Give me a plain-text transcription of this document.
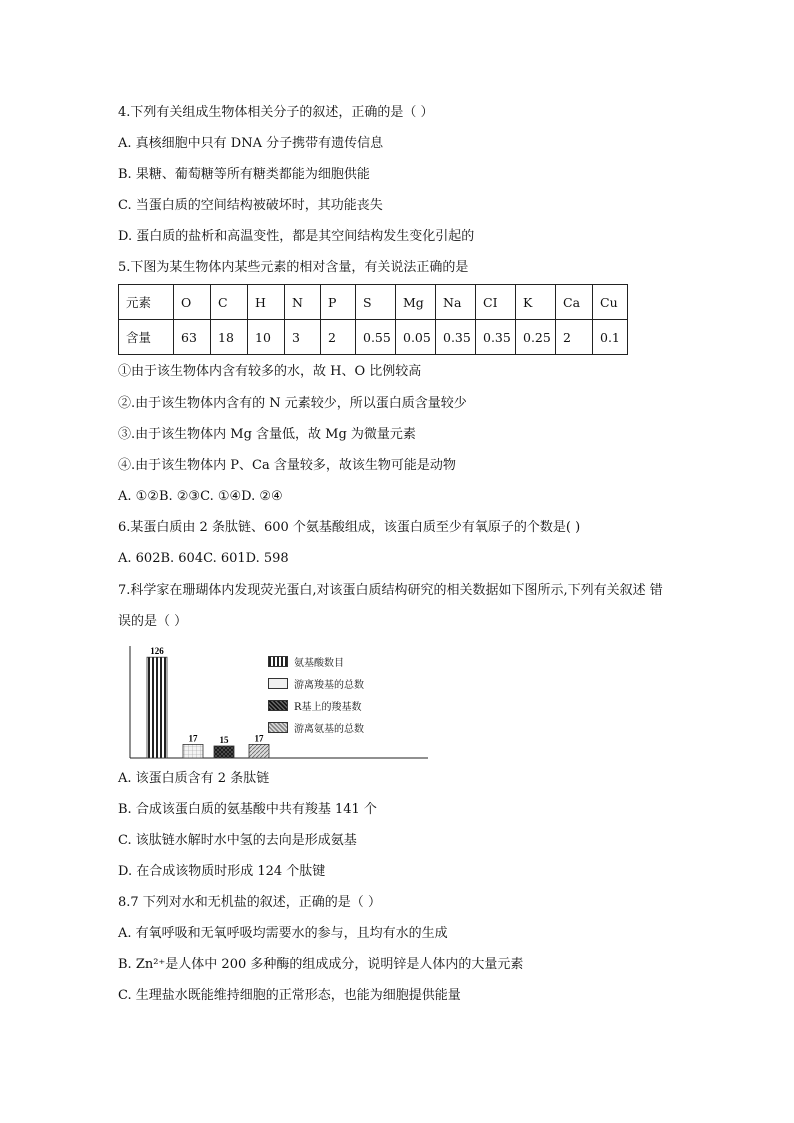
4.下列有关组成生物体相关分子的叙述，正确的是（ ）
A. 真核细胞中只有 DNA 分子携带有遗传信息
B. 果糖、葡萄糖等所有糖类都能为细胞供能
C. 当蛋白质的空间结构被破坏时，其功能丧失
D. 蛋白质的盐析和高温变性，都是其空间结构发生变化引起的
5.下图为某生物体内某些元素的相对含量，有关说法正确的是
元素	O	C	H	N	P	S	Mg	Na	CI	K	Ca	Cu
含量	63	18	10	3	2	0.55	0.05	0.35	0.35	0.25	2	0.1
①由于该生物体内含有较多的水，故 H、O 比例较高
②.由于该生物体内含有的 N 元素较少，所以蛋白质含量较少
③.由于该生物体内 Mg 含量低，故 Mg 为微量元素
④.由于该生物体内 P、Ca 含量较多，故该生物可能是动物
A. ①②B. ②③C. ①④D. ②④
6.某蛋白质由 2 条肽链、600 个氨基酸组成，该蛋白质至少有氧原子的个数是( )
A. 602B. 604C. 601D. 598
7.科学家在珊瑚体内发现荧光蛋白,对该蛋白质结构研究的相关数据如下图所示,下列有关叙述 错误的是（ ）
126
17 15	17
氨基酸数目
游离羧基的总数
R基上的羧基数
游离氨基的总数
A. 该蛋白质含有 2 条肽链
B. 合成该蛋白质的氨基酸中共有羧基 141 个
C. 该肽链水解时水中氢的去向是形成氨基
D. 在合成该物质时形成 124 个肽键
8.7 下列对水和无机盐的叙述，正确的是（ ）
A. 有氧呼吸和无氧呼吸均需要水的参与，且均有水的生成
B. Zn²⁺是人体中 200 多种酶的组成成分，说明锌是人体内的大量元素
C. 生理盐水既能维持细胞的正常形态，也能为细胞提供能量
